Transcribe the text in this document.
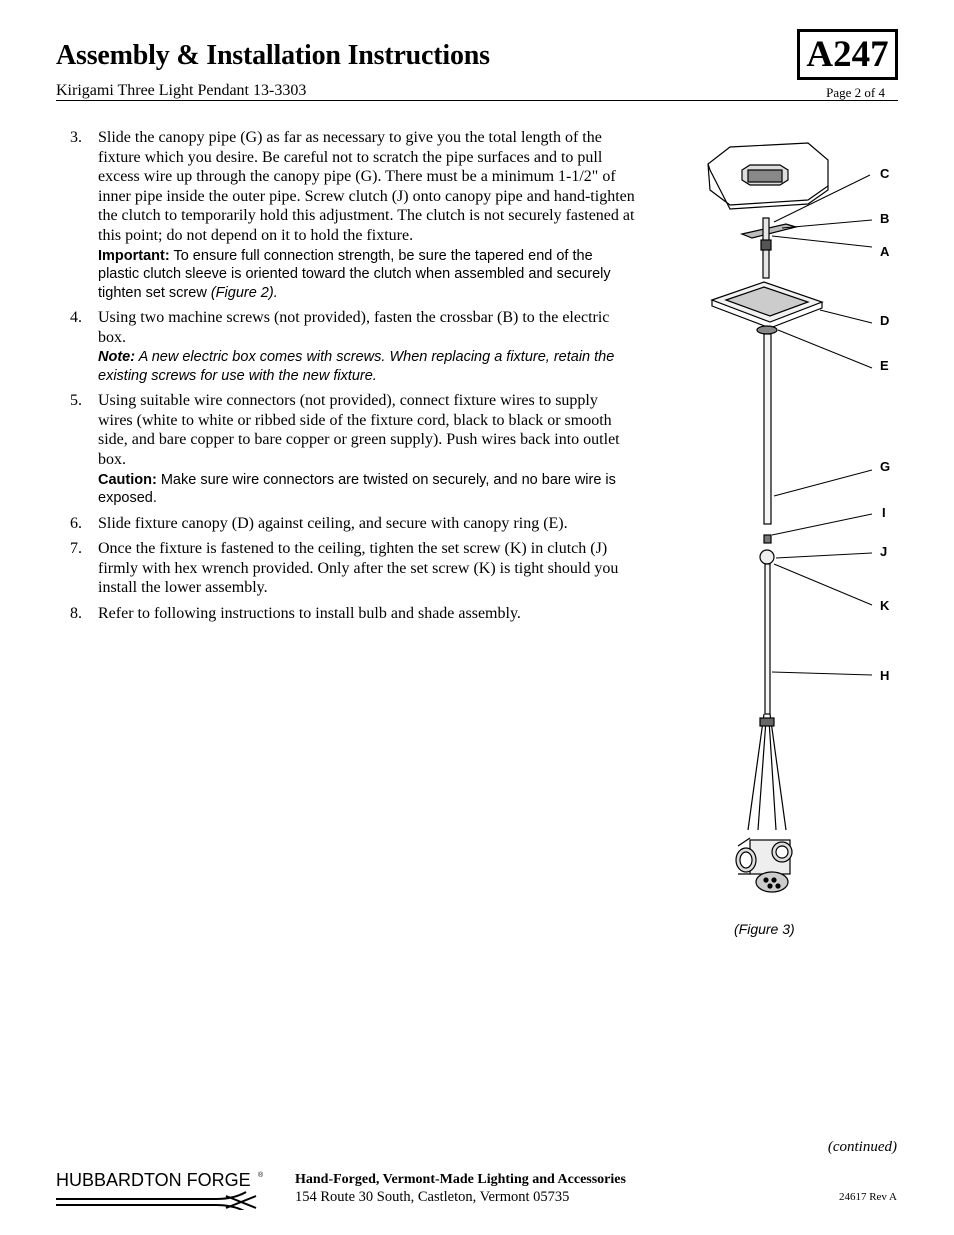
Assembly & Installation Instructions	A247
Kirigami Three Light Pendant 13-3303	Page 2 of 4
3.	Slide the canopy pipe (G) as far as necessary to give you the total length of the fixture which you desire. Be careful not to scratch the pipe surfaces and to pull excess wire up through the canopy pipe (G). There must be a minimum 1-1/2" of inner pipe inside the outer pipe. Screw clutch (J) onto canopy pipe and hand-tighten the clutch to temporarily hold this adjustment. The clutch is not securely fastened at this point; do not depend on it to hold the fixture.
Important: To ensure full connection strength, be sure the tapered end of the plastic clutch sleeve is oriented toward the clutch when assembled and securely tighten set screw (Figure 2).
4.	Using two machine screws (not provided), fasten the crossbar (B) to the electric box.
Note: A new electric box comes with screws. When replacing a fixture, retain the existing screws for use with the new fixture.
5.	Using suitable wire connectors (not provided), connect fixture wires to supply wires (white to white or ribbed side of the fixture cord, black to black or smooth side, and bare copper to bare copper or green supply). Push wires back into outlet box.
Caution: Make sure wire connectors are twisted on securely, and no bare wire is exposed.
6.	Slide fixture canopy (D) against ceiling, and secure with canopy ring (E).
7.	Once the fixture is fastened to the ceiling, tighten the set screw (K) in clutch (J) firmly with hex wrench provided. Only after the set screw (K) is tight should you install the lower assembly.
8.	Refer to following instructions to install bulb and shade assembly.
C
B
A
D
E
G
I
J
K
H
(Figure 3)
(continued)
HUBBARDTON FORGE ® Hand-Forged, Vermont-Made Lighting and Accessories
154 Route 30 South, Castleton, Vermont 05735	24617 Rev A
